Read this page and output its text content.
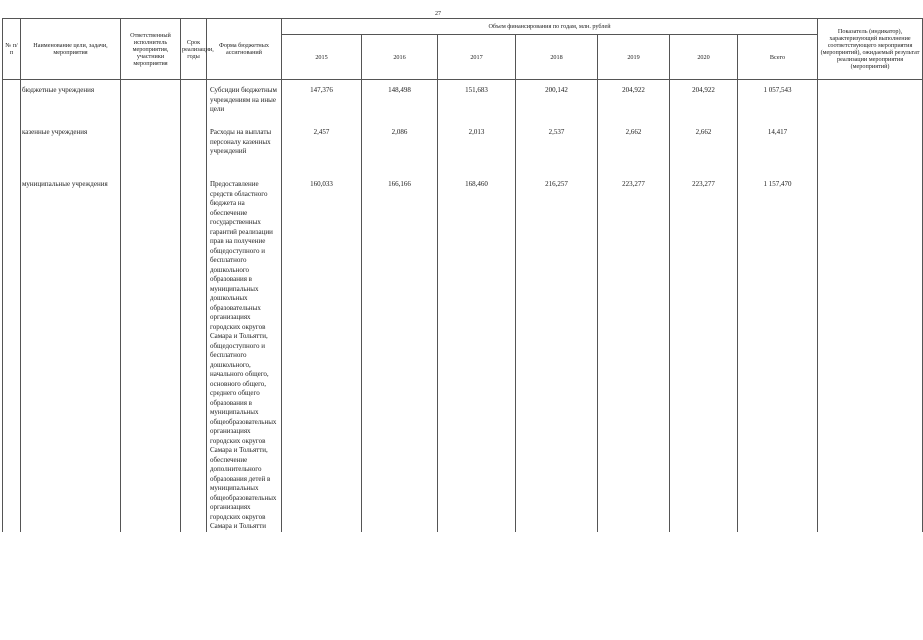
27
№ п/п	Наименование цели, задачи, мероприятия	Ответственный исполнитель мероприятия, участники мероприятия	Срок реализации, годы	Форма бюджетных ассигнований	Объем финансирования по годам, млн. рублей							Показатель (индикатор), характеризующий выполнение соответствующего мероприятия (мероприятий), ожидаемый результат реализации мероприятия (мероприятий)
					2015	2016	2017	2018	2019	2020	Всего	

	бюджетные учреждения			Субсидии бюджетным учреждениям на иные цели	147,376	148,498	151,683	200,142	204,922	204,922	1 057,543	
	казенные учреждения			Расходы на выплаты персоналу казенных учреждений	2,457	2,086	2,013	2,537	2,662	2,662	14,417	
	муниципальные учреждения			Предоставление средств областного бюджета на обеспечение государственных гарантий реализации прав на получение общедоступного и бесплатного дошкольного образования в муниципальных дошкольных образовательных организациях городских округов Самара и Тольятти, общедоступного и бесплатного дошкольного, начального общего, основного общего, среднего общего образования в муниципальных общеобразовательных организациях городских округов Самара и Тольятти, обеспечение дополнительного образования детей в муниципальных общеобразовательных организациях городских округов Самара и Тольятти	160,033	166,166	168,460	216,257	223,277	223,277	1 157,470	
